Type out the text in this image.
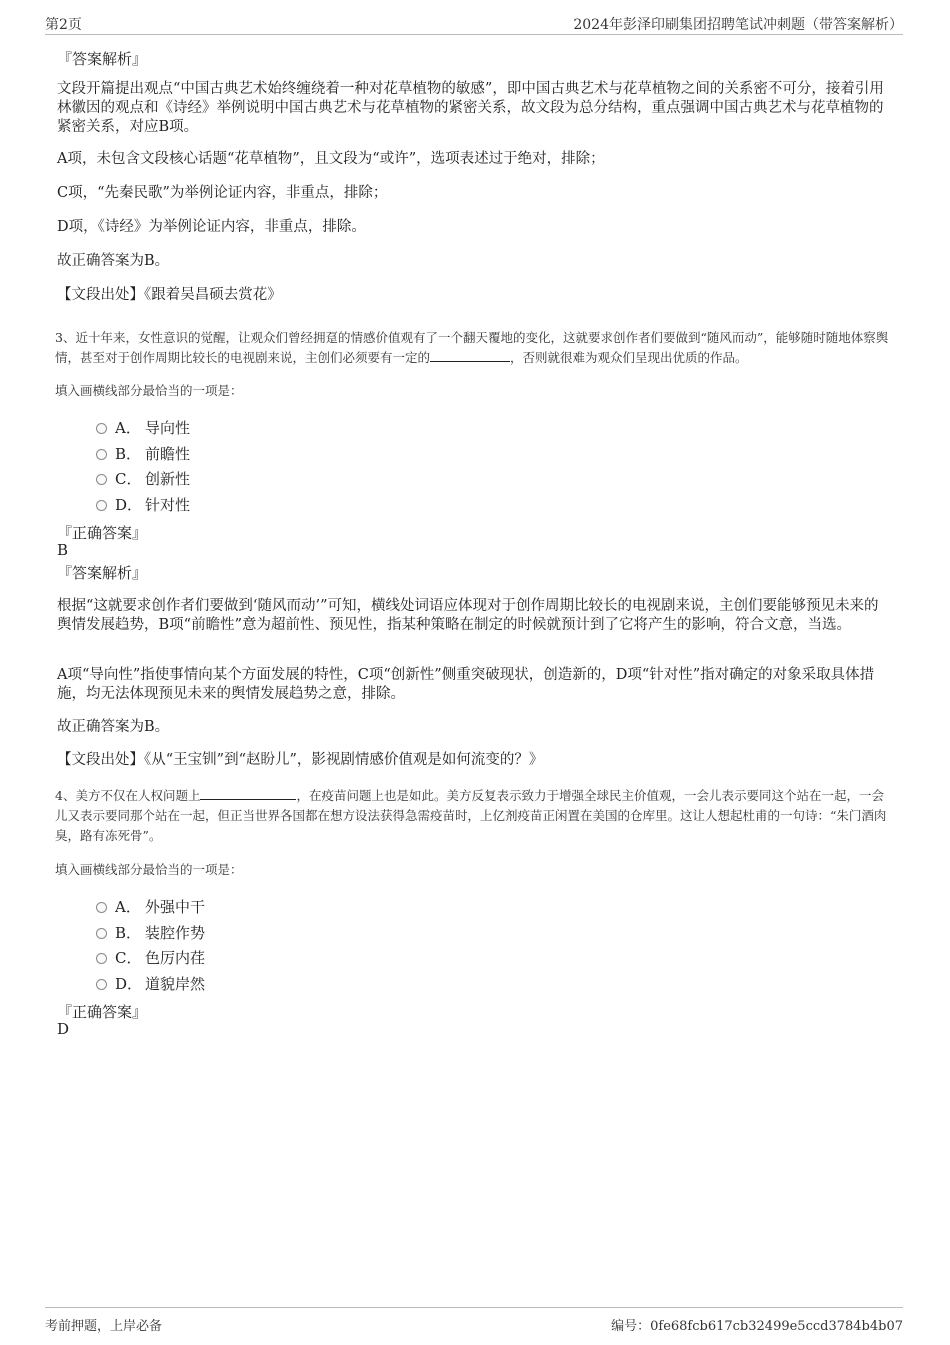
第2页	2024年彭泽印刷集团招聘笔试冲刺题（带答案解析）
『答案解析』
文段开篇提出观点“中国古典艺术始终缠绕着一种对花草植物的敏感”，即中国古典艺术与花草植物之间的关系密不可分，接着引用林徽因的观点和《诗经》举例说明中国古典艺术与花草植物的紧密关系，故文段为总分结构，重点强调中国古典艺术与花草植物的紧密关系，对应B项。
A项，未包含文段核心话题“花草植物”，且文段为“或许”，选项表述过于绝对，排除；
C项，“先秦民歌”为举例论证内容，非重点，排除；
D项，《诗经》为举例论证内容，非重点，排除。
故正确答案为B。
【文段出处】《跟着吴昌硕去赏花》
3、近十年来，女性意识的觉醒，让观众们曾经拥趸的情感价值观有了一个翻天覆地的变化，这就要求创作者们要做到“随风而动”，能够随时随地体察舆情，甚至对于创作周期比较长的电视剧来说，主创们必须要有一定的	，否则就很难为观众们呈现出优质的作品。
填入画横线部分最恰当的一项是：
A． 导向性
B． 前瞻性
C． 创新性
D． 针对性
『正确答案』
B
『答案解析』
根据“这就要求创作者们要做到‘随风而动’”可知，横线处词语应体现对于创作周期比较长的电视剧来说，主创们要能够预见未来的舆情发展趋势，B项“前瞻性”意为超前性、预见性，指某种策略在制定的时候就预计到了它将产生的影响，符合文意，当选。
A项“导向性”指使事情向某个方面发展的特性，C项“创新性”侧重突破现状，创造新的，D项“针对性”指对确定的对象采取具体措施，均无法体现预见未来的舆情发展趋势之意，排除。
故正确答案为B。
【文段出处】《从“王宝钏”到“赵盼儿”，影视剧情感价值观是如何流变的？》
4、美方不仅在人权问题上	，在疫苗问题上也是如此。美方反复表示致力于增强全球民主价值观，一会儿表示要同这个站在一起，一会儿又表示要同那个站在一起，但正当世界各国都在想方设法获得急需疫苗时，上亿剂疫苗正闲置在美国的仓库里。这让人想起杜甫的一句诗：“朱门酒肉臭，路有冻死骨”。
填入画横线部分最恰当的一项是：
A． 外强中干
B． 装腔作势
C． 色厉内荏
D． 道貌岸然
『正确答案』
D
考前押题，上岸必备	编号：0fe68fcb617cb32499e5ccd3784b4b07
